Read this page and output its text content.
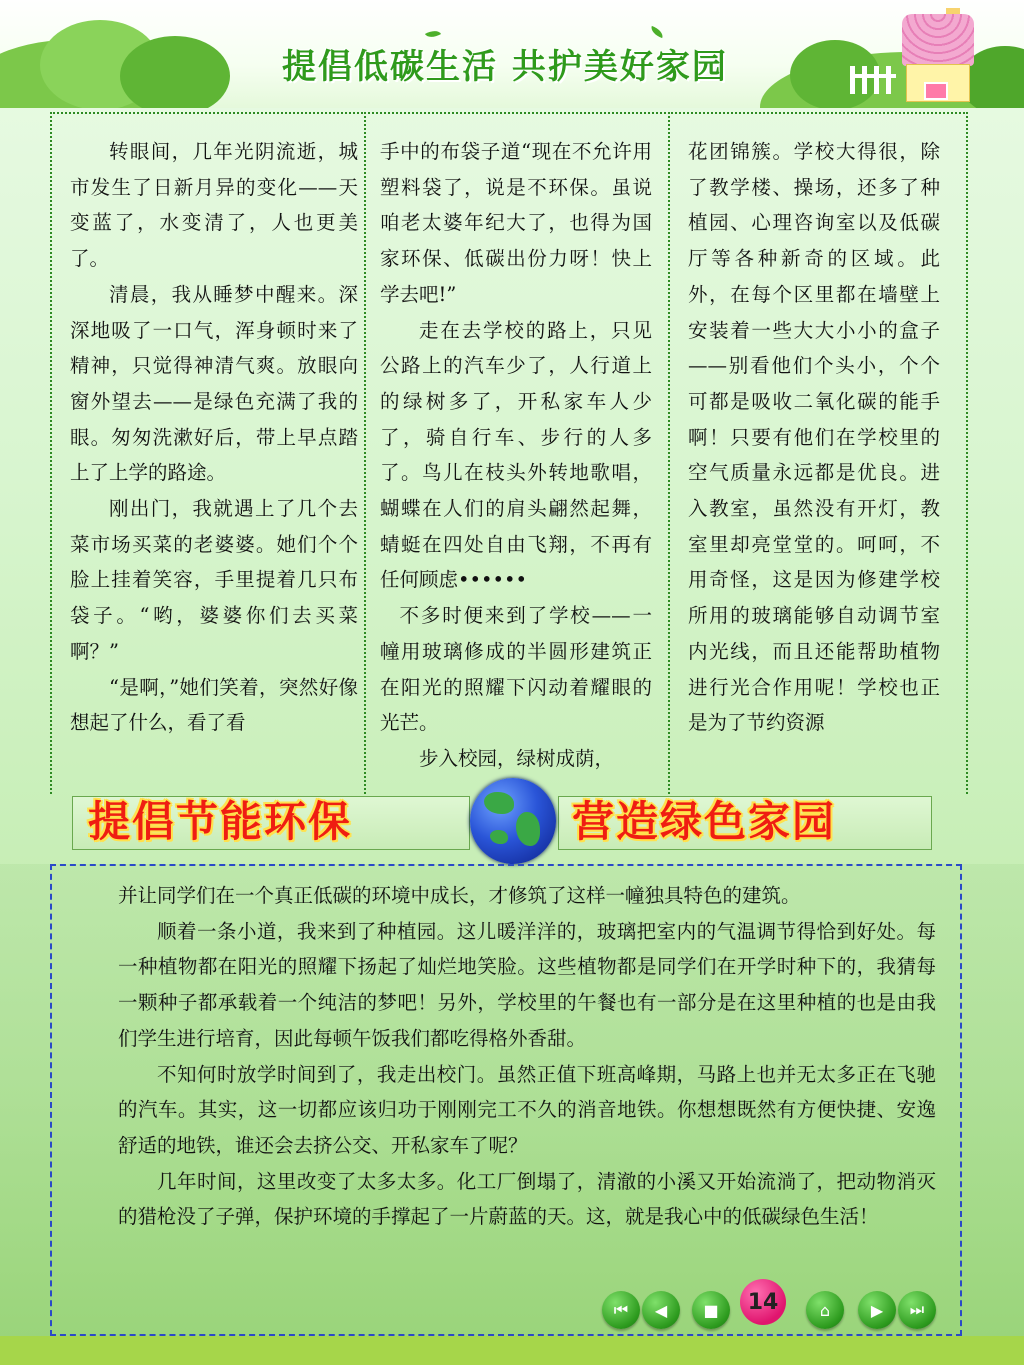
提倡低碳生活 共护美好家园

转眼间，几年光阴流逝，城市发生了日新月异的变化——天变蓝了，水变清了，人也更美了。

清晨，我从睡梦中醒来。深深地吸了一口气，浑身顿时来了精神，只觉得神清气爽。放眼向窗外望去——是绿色充满了我的眼。匆匆洗漱好后，带上早点踏上了上学的路途。

刚出门，我就遇上了几个去菜市场买菜的老婆婆。她们个个脸上挂着笑容，手里提着几只布袋子。“哟，婆婆你们去买菜啊？”

“是啊，”她们笑着，突然好像想起了什么，看了看

手中的布袋子道“现在不允许用塑料袋了，说是不环保。虽说咱老太婆年纪大了，也得为国家环保、低碳出份力呀！快上学去吧!”

走在去学校的路上，只见公路上的汽车少了，人行道上的绿树多了，开私家车人少了，骑自行车、步行的人多了。鸟儿在枝头外转地歌唱，蝴蝶在人们的肩头翩然起舞，蜻蜓在四处自由飞翔，不再有任何顾虑••••••

不多时便来到了学校——一幢用玻璃修成的半圆形建筑正在阳光的照耀下闪动着耀眼的光芒。

步入校园，绿树成荫，

花团锦簇。学校大得很，除了教学楼、操场，还多了种植园、心理咨询室以及低碳厅等各种新奇的区域。此外，在每个区里都在墙壁上安装着一些大大小小的盒子——别看他们个头小，个个可都是吸收二氧化碳的能手啊！只要有他们在学校里的空气质量永远都是优良。进入教室，虽然没有开灯，教室里却亮堂堂的。呵呵，不用奇怪，这是因为修建学校所用的玻璃能够自动调节室内光线，而且还能帮助植物进行光合作用呢！学校也正是为了节约资源

提倡节能环保	营造绿色家园

并让同学们在一个真正低碳的环境中成长，才修筑了这样一幢独具特色的建筑。

顺着一条小道，我来到了种植园。这儿暖洋洋的，玻璃把室内的气温调节得恰到好处。每一种植物都在阳光的照耀下扬起了灿烂地笑脸。这些植物都是同学们在开学时种下的，我猜每一颗种子都承载着一个纯洁的梦吧！另外，学校里的午餐也有一部分是在这里种植的也是由我们学生进行培育，因此每顿午饭我们都吃得格外香甜。

不知何时放学时间到了，我走出校门。虽然正值下班高峰期，马路上也并无太多正在飞驰的汽车。其实，这一切都应该归功于刚刚完工不久的消音地铁。你想想既然有方便快捷、安逸舒适的地铁，谁还会去挤公交、开私家车了呢？

几年时间，这里改变了太多太多。化工厂倒塌了，清澈的小溪又开始流淌了，把动物消灭的猎枪没了子弹，保护环境的手撑起了一片蔚蓝的天。这，就是我心中的低碳绿色生活！

⏮	◀	■	14	⌂	▶	⏭
